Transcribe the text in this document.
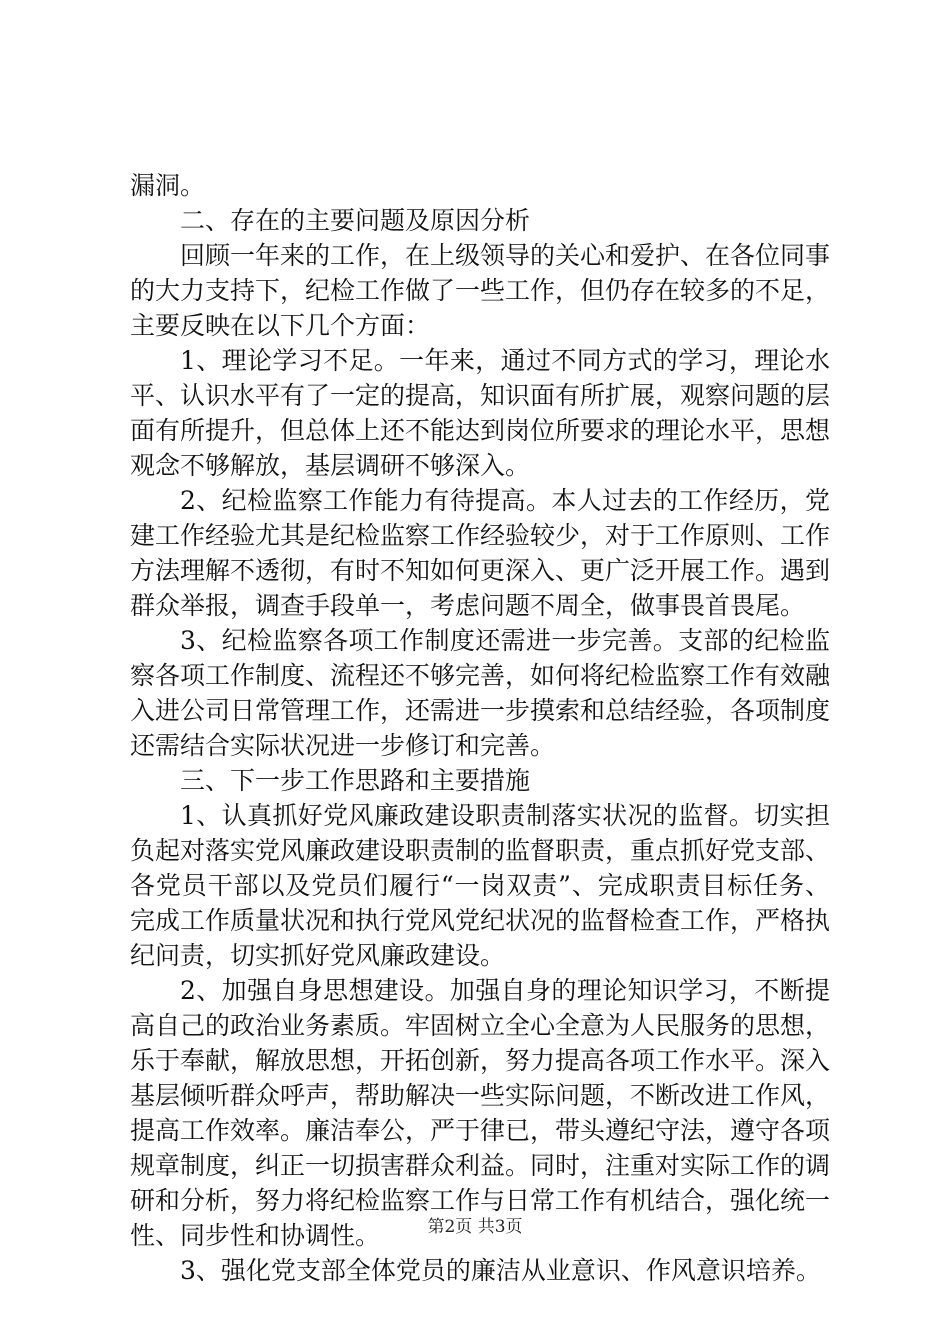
漏洞。

二、存在的主要问题及原因分析

回顾一年来的工作，在上级领导的关心和爱护、在各位同事的大力支持下，纪检工作做了一些工作，但仍存在较多的不足，主要反映在以下几个方面：

1、理论学习不足。一年来，通过不同方式的学习，理论水平、认识水平有了一定的提高，知识面有所扩展，观察问题的层面有所提升，但总体上还不能达到岗位所要求的理论水平，思想观念不够解放，基层调研不够深入。

2、纪检监察工作能力有待提高。本人过去的工作经历，党建工作经验尤其是纪检监察工作经验较少，对于工作原则、工作方法理解不透彻，有时不知如何更深入、更广泛开展工作。遇到群众举报，调查手段单一，考虑问题不周全，做事畏首畏尾。

3、纪检监察各项工作制度还需进一步完善。支部的纪检监察各项工作制度、流程还不够完善，如何将纪检监察工作有效融入进公司日常管理工作，还需进一步摸索和总结经验，各项制度还需结合实际状况进一步修订和完善。

三、下一步工作思路和主要措施

1、认真抓好党风廉政建设职责制落实状况的监督。切实担负起对落实党风廉政建设职责制的监督职责，重点抓好党支部、各党员干部以及党员们履行“一岗双责”、完成职责目标任务、完成工作质量状况和执行党风党纪状况的监督检查工作，严格执纪问责，切实抓好党风廉政建设。

2、加强自身思想建设。加强自身的理论知识学习，不断提高自己的政治业务素质。牢固树立全心全意为人民服务的思想，乐于奉献，解放思想，开拓创新，努力提高各项工作水平。深入基层倾听群众呼声，帮助解决一些实际问题，不断改进工作风，提高工作效率。廉洁奉公，严于律已，带头遵纪守法，遵守各项规章制度，纠正一切损害群众利益。同时，注重对实际工作的调研和分析，努力将纪检监察工作与日常工作有机结合，强化统一性、同步性和协调性。

3、强化党支部全体党员的廉洁从业意识、作风意识培养。

第2页 共3页
